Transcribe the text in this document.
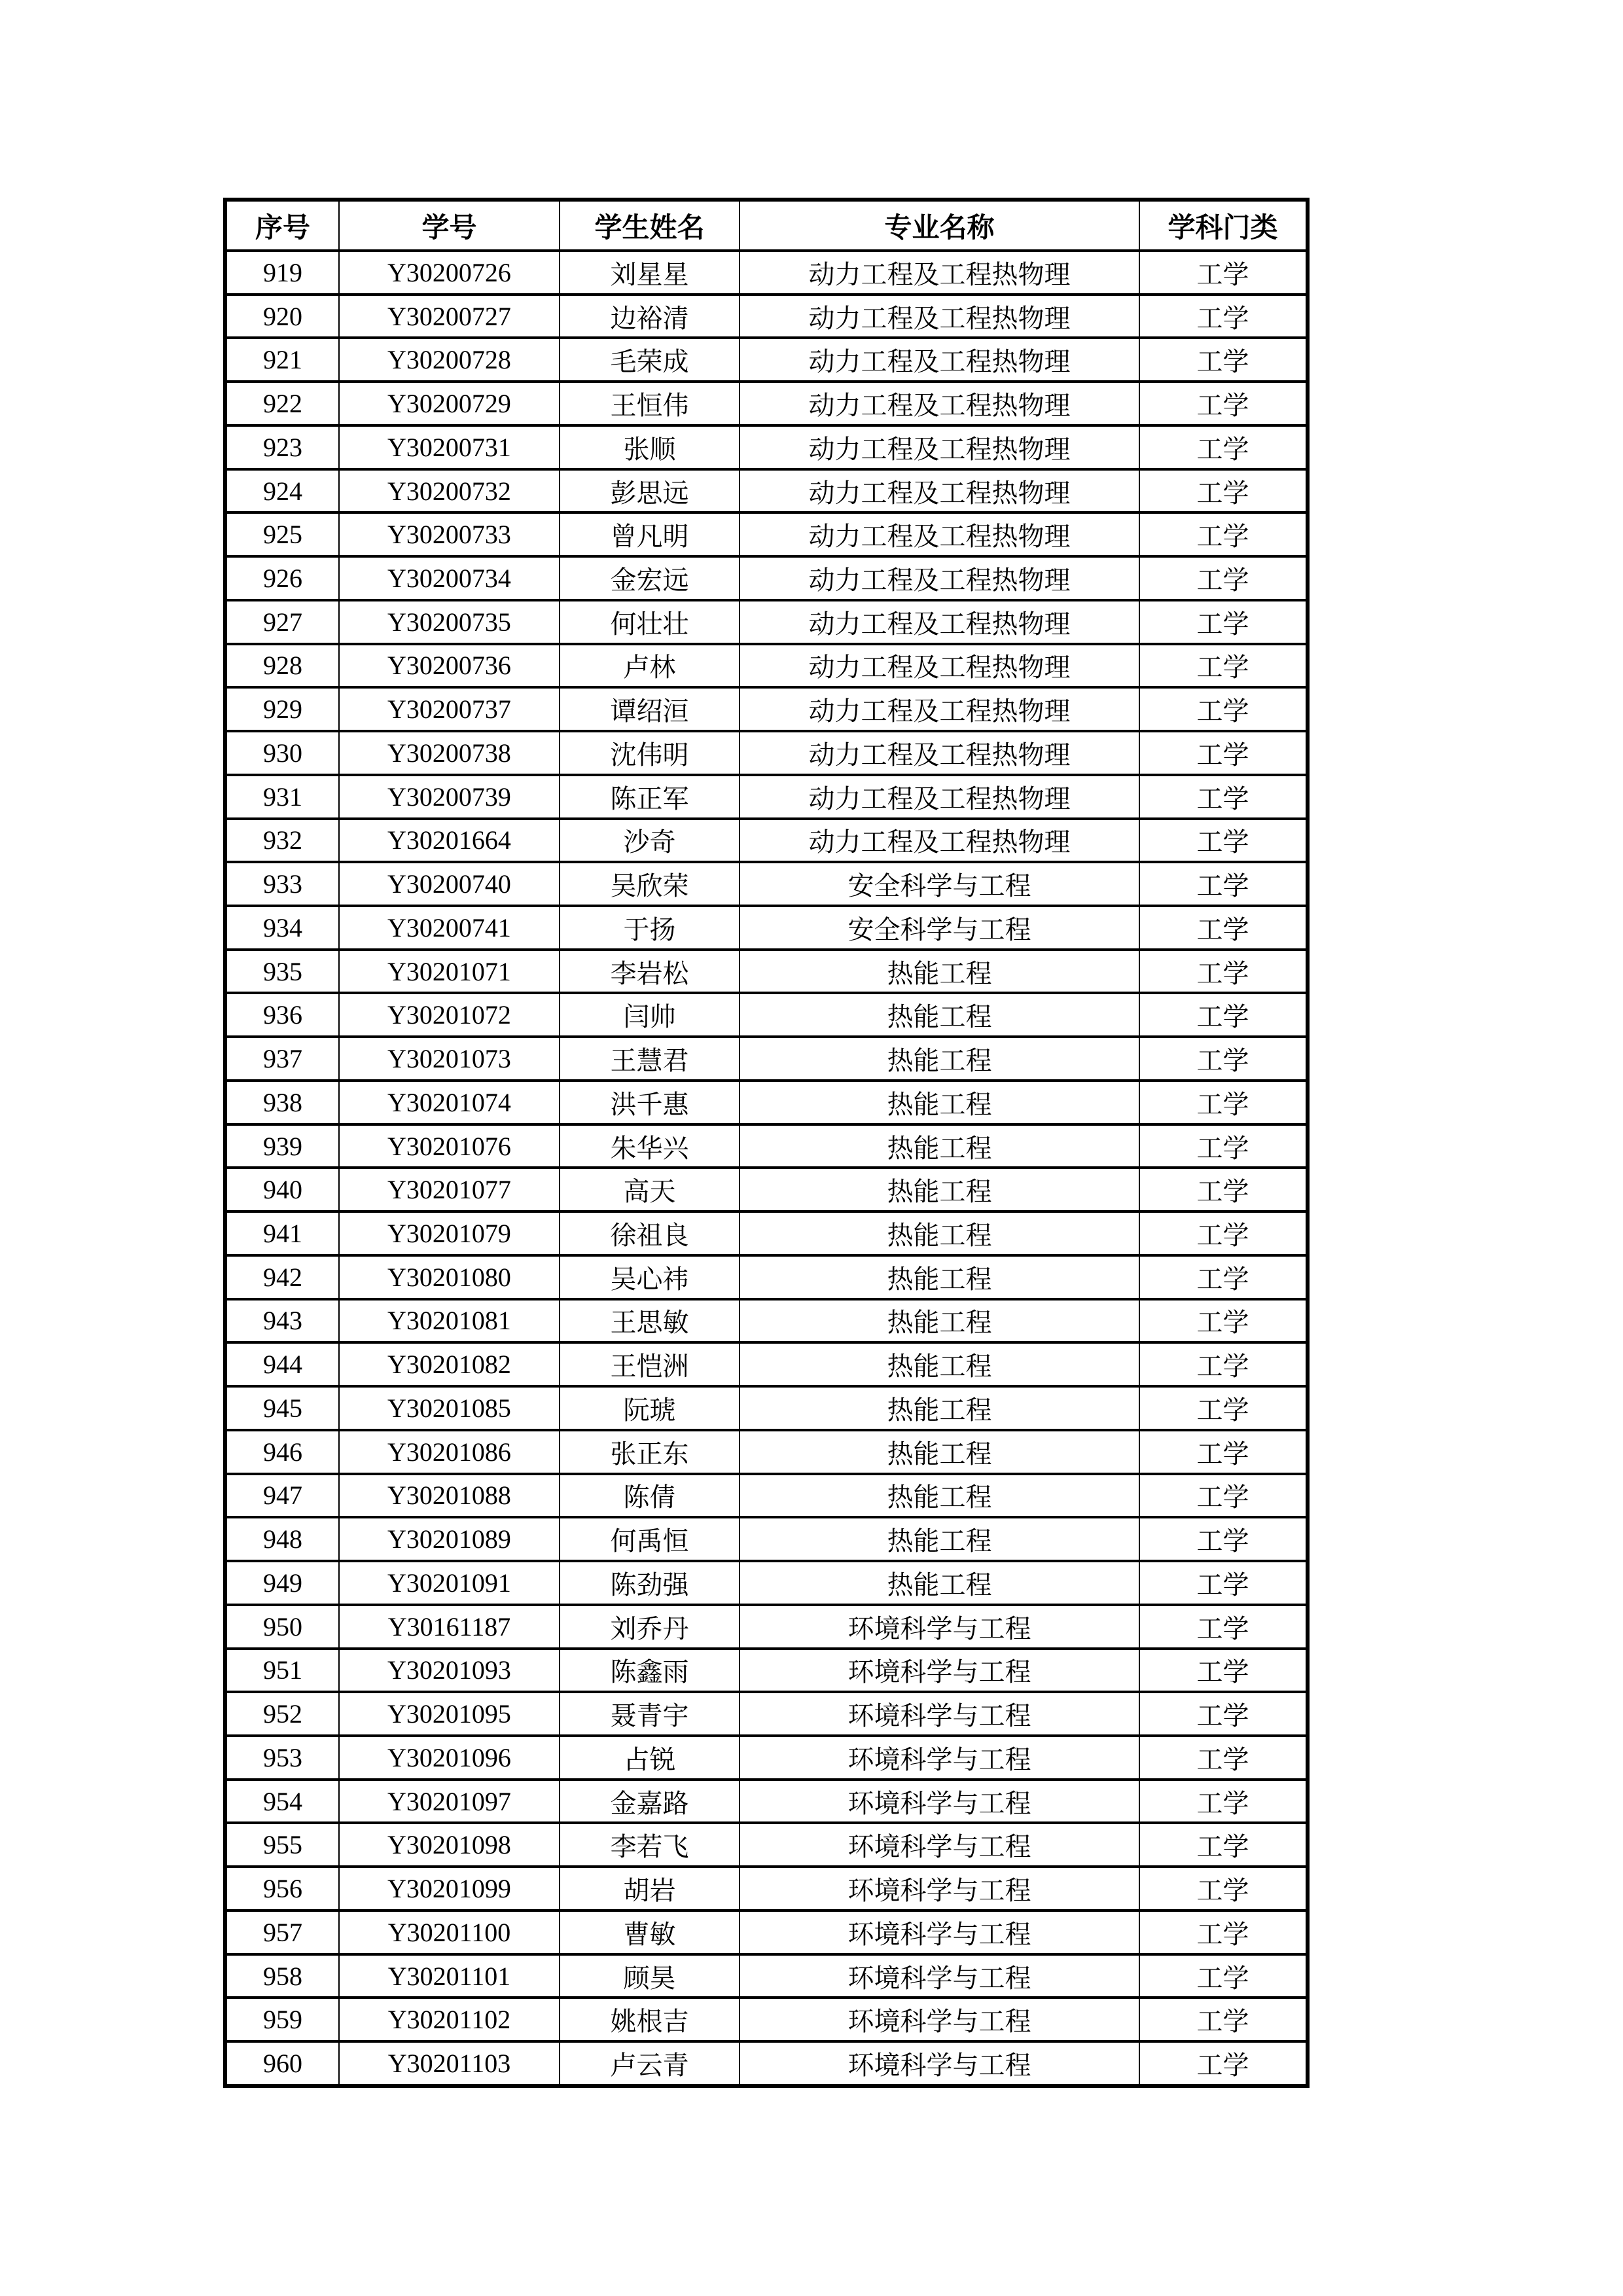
序号	学号	学生姓名	专业名称	学科门类
919	Y30200726	刘星星	动力工程及工程热物理	工学
920	Y30200727	边裕清	动力工程及工程热物理	工学
921	Y30200728	毛荣成	动力工程及工程热物理	工学
922	Y30200729	王恒伟	动力工程及工程热物理	工学
923	Y30200731	张顺	动力工程及工程热物理	工学
924	Y30200732	彭思远	动力工程及工程热物理	工学
925	Y30200733	曾凡明	动力工程及工程热物理	工学
926	Y30200734	金宏远	动力工程及工程热物理	工学
927	Y30200735	何壮壮	动力工程及工程热物理	工学
928	Y30200736	卢林	动力工程及工程热物理	工学
929	Y30200737	谭绍洹	动力工程及工程热物理	工学
930	Y30200738	沈伟明	动力工程及工程热物理	工学
931	Y30200739	陈正军	动力工程及工程热物理	工学
932	Y30201664	沙奇	动力工程及工程热物理	工学
933	Y30200740	吴欣荣	安全科学与工程	工学
934	Y30200741	于扬	安全科学与工程	工学
935	Y30201071	李岩松	热能工程	工学
936	Y30201072	闫帅	热能工程	工学
937	Y30201073	王慧君	热能工程	工学
938	Y30201074	洪千惠	热能工程	工学
939	Y30201076	朱华兴	热能工程	工学
940	Y30201077	高天	热能工程	工学
941	Y30201079	徐祖良	热能工程	工学
942	Y30201080	吴心祎	热能工程	工学
943	Y30201081	王思敏	热能工程	工学
944	Y30201082	王恺洲	热能工程	工学
945	Y30201085	阮琥	热能工程	工学
946	Y30201086	张正东	热能工程	工学
947	Y30201088	陈倩	热能工程	工学
948	Y30201089	何禹恒	热能工程	工学
949	Y30201091	陈劲强	热能工程	工学
950	Y30161187	刘乔丹	环境科学与工程	工学
951	Y30201093	陈鑫雨	环境科学与工程	工学
952	Y30201095	聂青宇	环境科学与工程	工学
953	Y30201096	占锐	环境科学与工程	工学
954	Y30201097	金嘉路	环境科学与工程	工学
955	Y30201098	李若飞	环境科学与工程	工学
956	Y30201099	胡岩	环境科学与工程	工学
957	Y30201100	曹敏	环境科学与工程	工学
958	Y30201101	顾昊	环境科学与工程	工学
959	Y30201102	姚根吉	环境科学与工程	工学
960	Y30201103	卢云青	环境科学与工程	工学
